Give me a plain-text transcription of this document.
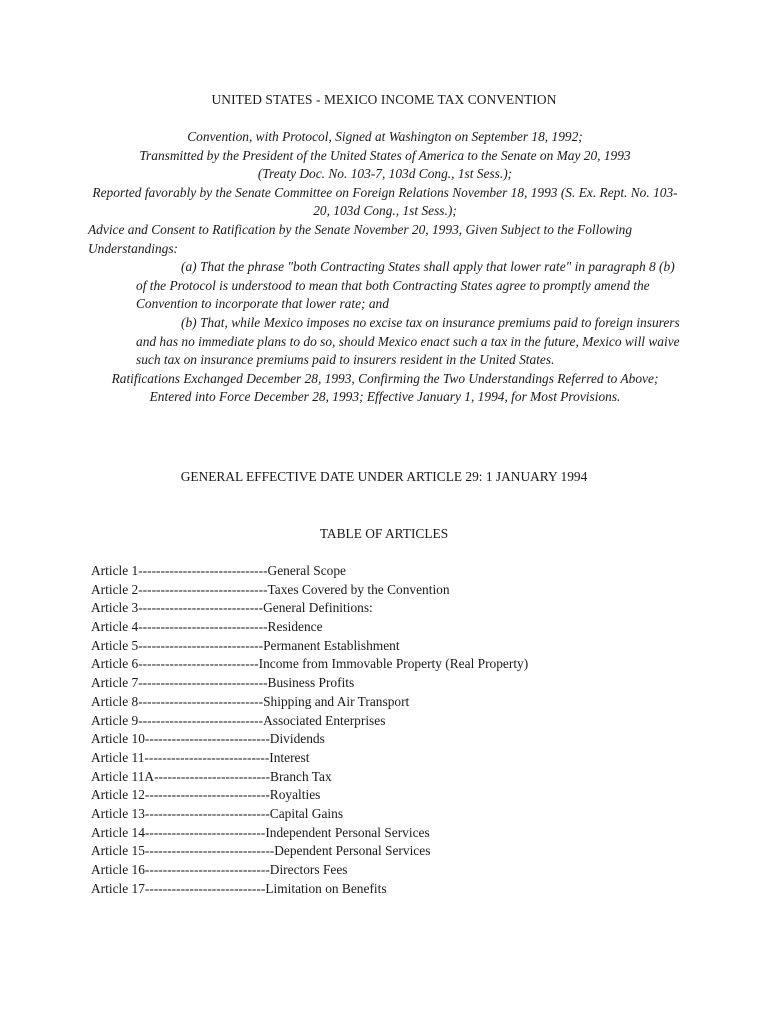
UNITED STATES - MEXICO INCOME TAX CONVENTION
Convention, with Protocol, Signed at Washington on September 18, 1992;
Transmitted by the President of the United States of America to the Senate on May 20, 1993
(Treaty Doc. No. 103-7, 103d Cong., 1st Sess.);
Reported favorably by the Senate Committee on Foreign Relations November 18, 1993 (S. Ex. Rept. No. 103-20, 103d Cong., 1st Sess.);
Advice and Consent to Ratification by the Senate November 20, 1993, Given Subject to the Following Understandings:
(a) That the phrase "both Contracting States shall apply that lower rate" in paragraph 8 (b) of the Protocol is understood to mean that both Contracting States agree to promptly amend the Convention to incorporate that lower rate; and
(b) That, while Mexico imposes no excise tax on insurance premiums paid to foreign insurers and has no immediate plans to do so, should Mexico enact such a tax in the future, Mexico will waive such tax on insurance premiums paid to insurers resident in the United States.
Ratifications Exchanged December 28, 1993, Confirming the Two Understandings Referred to Above;
Entered into Force December 28, 1993; Effective January 1, 1994, for Most Provisions.
GENERAL EFFECTIVE DATE UNDER ARTICLE 29: 1 JANUARY 1994
TABLE OF ARTICLES
Article 1-----------------------------General Scope
Article 2-----------------------------Taxes Covered by the Convention
Article 3----------------------------General Definitions:
Article 4-----------------------------Residence
Article 5----------------------------Permanent Establishment
Article 6---------------------------Income from Immovable Property (Real Property)
Article 7-----------------------------Business Profits
Article 8----------------------------Shipping and Air Transport
Article 9----------------------------Associated Enterprises
Article 10----------------------------Dividends
Article 11----------------------------Interest
Article 11A--------------------------Branch Tax
Article 12----------------------------Royalties
Article 13----------------------------Capital Gains
Article 14---------------------------Independent Personal Services
Article 15-----------------------------Dependent Personal Services
Article 16----------------------------Directors Fees
Article 17---------------------------Limitation on Benefits
